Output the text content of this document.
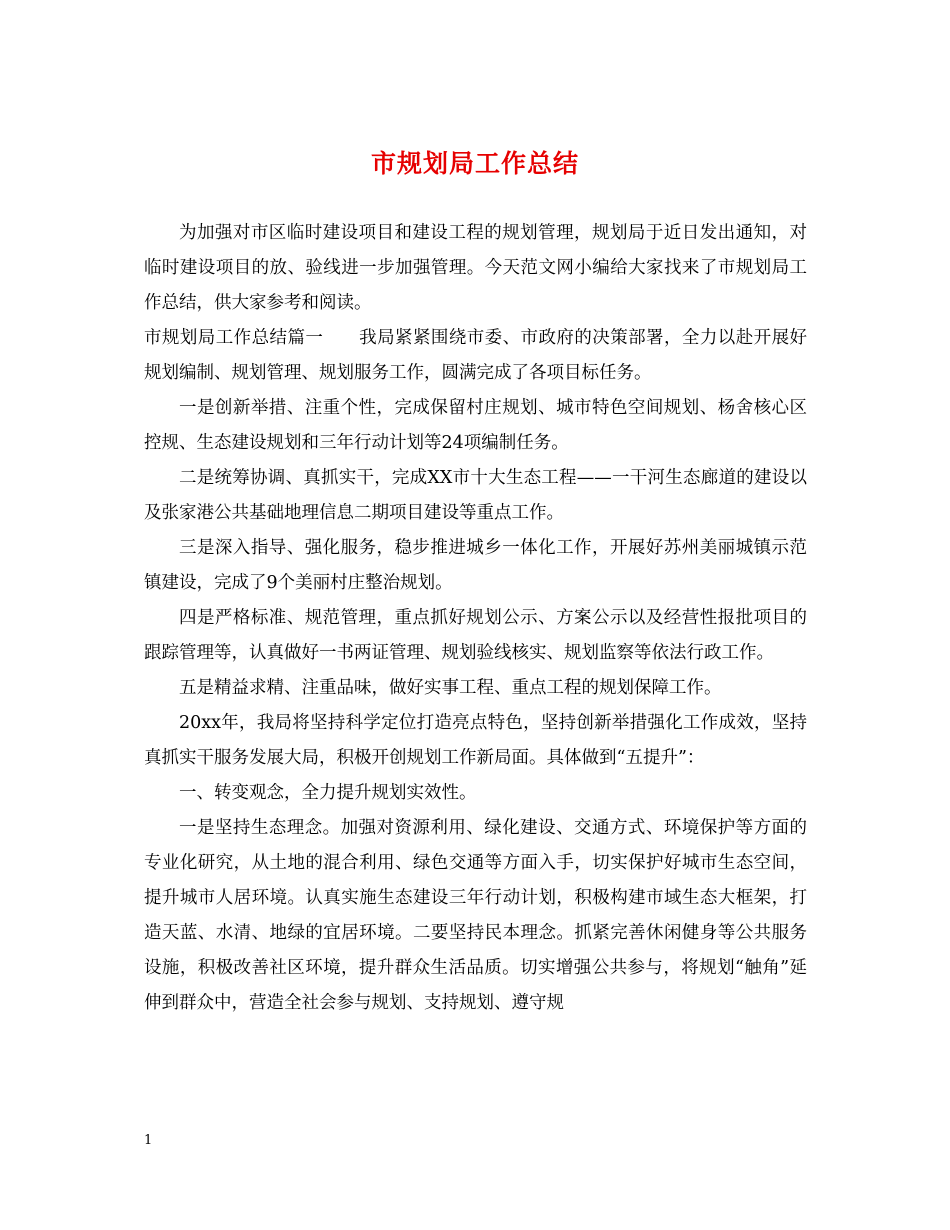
市规划局工作总结

为加强对市区临时建设项目和建设工程的规划管理，规划局于近日发出通知，对临时建设项目的放、验线进一步加强管理。今天范文网小编给大家找来了市规划局工作总结，供大家参考和阅读。

市规划局工作总结篇一　　我局紧紧围绕市委、市政府的决策部署，全力以赴开展好规划编制、规划管理、规划服务工作，圆满完成了各项目标任务。

一是创新举措、注重个性，完成保留村庄规划、城市特色空间规划、杨舍核心区控规、生态建设规划和三年行动计划等24项编制任务。

二是统筹协调、真抓实干，完成XX市十大生态工程——一干河生态廊道的建设以及张家港公共基础地理信息二期项目建设等重点工作。

三是深入指导、强化服务，稳步推进城乡一体化工作，开展好苏州美丽城镇示范镇建设，完成了9个美丽村庄整治规划。

四是严格标准、规范管理，重点抓好规划公示、方案公示以及经营性报批项目的跟踪管理等，认真做好一书两证管理、规划验线核实、规划监察等依法行政工作。

五是精益求精、注重品味，做好实事工程、重点工程的规划保障工作。

20xx年，我局将坚持科学定位打造亮点特色，坚持创新举措强化工作成效，坚持真抓实干服务发展大局，积极开创规划工作新局面。具体做到“五提升”：

一、转变观念，全力提升规划实效性。

一是坚持生态理念。加强对资源利用、绿化建设、交通方式、环境保护等方面的专业化研究，从土地的混合利用、绿色交通等方面入手，切实保护好城市生态空间，提升城市人居环境。认真实施生态建设三年行动计划，积极构建市域生态大框架，打造天蓝、水清、地绿的宜居环境。二要坚持民本理念。抓紧完善休闲健身等公共服务设施，积极改善社区环境，提升群众生活品质。切实增强公共参与，将规划“触角”延伸到群众中，营造全社会参与规划、支持规划、遵守规

1
